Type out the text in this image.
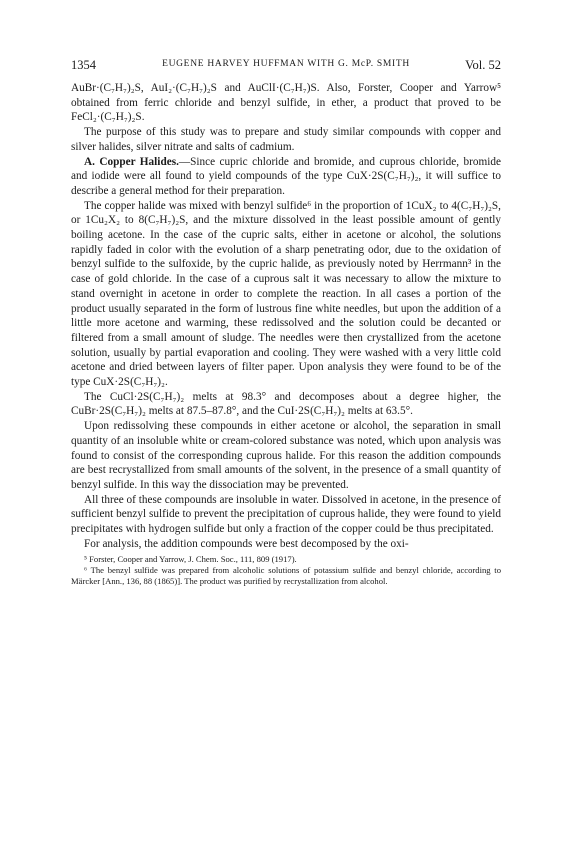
1354	EUGENE HARVEY HUFFMAN WITH G. McP. SMITH	Vol. 52

AuBr·(C₇H₇)₂S, AuI₂·(C₇H₇)₂S and AuClI·(C₇H₇)S. Also, Forster, Cooper and Yarrow⁵ obtained from ferric chloride and benzyl sulfide, in ether, a product that proved to be FeCl₂·(C₇H₇)₂S.

The purpose of this study was to prepare and study similar compounds with copper and silver halides, silver nitrate and salts of cadmium.

A. Copper Halides.—Since cupric chloride and bromide, and cuprous chloride, bromide and iodide were all found to yield compounds of the type CuX·2S(C₇H₇)₂, it will suffice to describe a general method for their preparation.

The copper halide was mixed with benzyl sulfide⁶ in the proportion of 1CuX₂ to 4(C₇H₇)₂S, or 1Cu₂X₂ to 8(C₇H₇)₂S, and the mixture dissolved in the least possible amount of gently boiling acetone. In the case of the cupric salts, either in acetone or alcohol, the solutions rapidly faded in color with the evolution of a sharp penetrating odor, due to the oxidation of benzyl sulfide to the sulfoxide, by the cupric halide, as previously noted by Herrmann³ in the case of gold chloride. In the case of a cuprous salt it was necessary to allow the mixture to stand overnight in acetone in order to complete the reaction. In all cases a portion of the product usually separated in the form of lustrous fine white needles, but upon the addition of a little more acetone and warming, these redissolved and the solution could be decanted or filtered from a small amount of sludge. The needles were then crystallized from the acetone solution, usually by partial evaporation and cooling. They were washed with a very little cold acetone and dried between layers of filter paper. Upon analysis they were found to be of the type CuX·2S(C₇H₇)₂.

The CuCl·2S(C₇H₇)₂ melts at 98.3° and decomposes about a degree higher, the CuBr·2S(C₇H₇)₂ melts at 87.5–87.8°, and the CuI·2S(C₇H₇)₂ melts at 63.5°.

Upon redissolving these compounds in either acetone or alcohol, the separation in small quantity of an insoluble white or cream-colored substance was noted, which upon analysis was found to consist of the corresponding cuprous halide. For this reason the addition compounds are best recrystallized from small amounts of the solvent, in the presence of a small quantity of benzyl sulfide. In this way the dissociation may be prevented.

All three of these compounds are insoluble in water. Dissolved in acetone, in the presence of sufficient benzyl sulfide to prevent the precipitation of cuprous halide, they were found to yield precipitates with hydrogen sulfide but only a fraction of the copper could be thus precipitated.

For analysis, the addition compounds were best decomposed by the oxi-

⁵ Forster, Cooper and Yarrow, J. Chem. Soc., 111, 809 (1917).

⁶ The benzyl sulfide was prepared from alcoholic solutions of potassium sulfide and benzyl chloride, according to Märcker [Ann., 136, 88 (1865)]. The product was purified by recrystallization from alcohol.
